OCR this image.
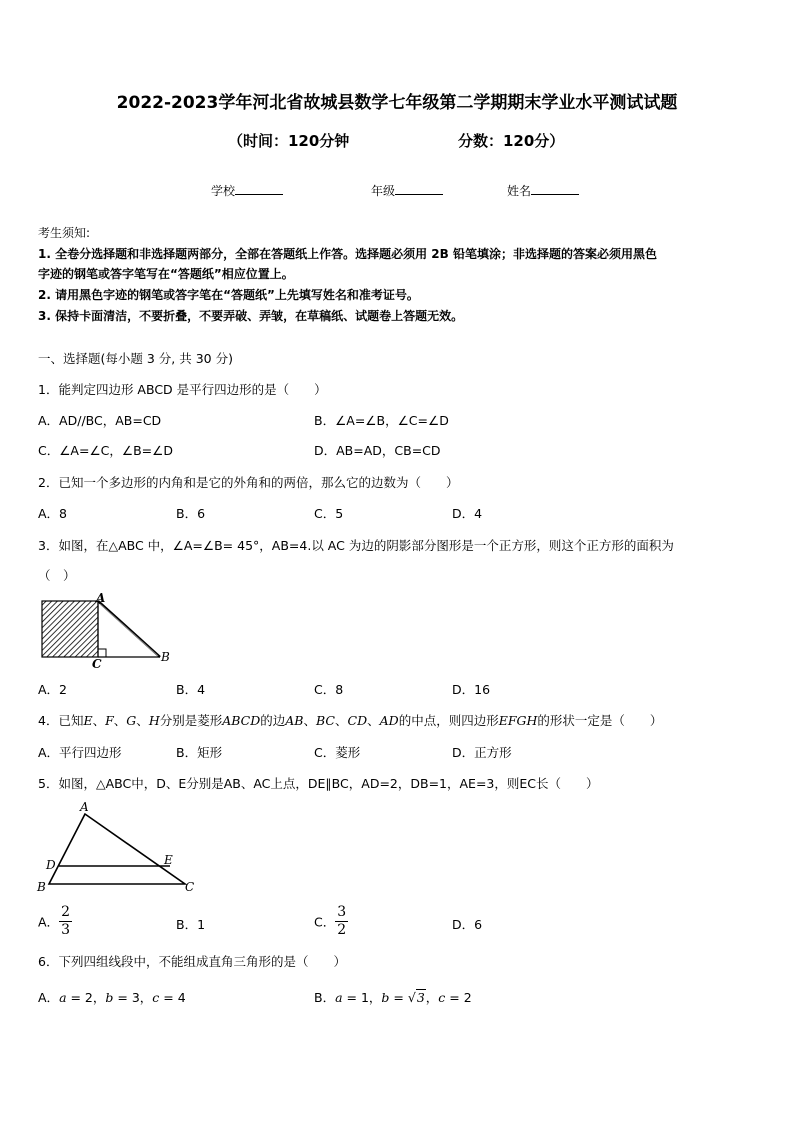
2022-2023学年河北省故城县数学七年级第二学期期末学业水平测试试题
（时间：120分钟	分数：120分）
学校	年级	姓名
考生须知:
1. 全卷分选择题和非选择题两部分，全部在答题纸上作答。选择题必须用 2B 铅笔填涂；非选择题的答案必须用黑色
字迹的钢笔或答字笔写在“答题纸”相应位置上。
2. 请用黑色字迹的钢笔或答字笔在“答题纸”上先填写姓名和准考证号。
3. 保持卡面清洁，不要折叠，不要弄破、弄皱，在草稿纸、试题卷上答题无效。
一、选择题(每小题 3 分, 共 30 分)
1．能判定四边形 ABCD 是平行四边形的是（　　）
A．AD//BC，AB=CD	B．∠A=∠B，∠C=∠D
C．∠A=∠C，∠B=∠D	D．AB=AD，CB=CD
2．已知一个多边形的内角和是它的外角和的两倍，那么它的边数为（　　）
A．8	B．6	C．5	D．4
3．如图，在△ABC 中，∠A=∠B= 45°，AB=4.以 AC 为边的阴影部分图形是一个正方形，则这个正方形的面积为
（　）
A
B
C
A．2	B．4	C．8	D．16
4．已知E、F、G、H分别是菱形ABCD的边AB、BC、CD、AD的中点，则四边形EFGH的形状一定是（　　）
A．平行四边形	B．矩形	C．菱形	D．正方形
5．如图，△ABC中，D、E分别是AB、AC上点，DE∥BC，AD=2，DB=1，AE=3，则EC长（　　）
A
B	C
D	E
A． $\frac{2}{3}$	B．1	C． $\frac{3}{2}$	D．6
6．下列四组线段中，不能组成直角三角形的是（　　）
A．a = 2，b = 3，c = 4	B．a = 1，b = √3，c = 2
